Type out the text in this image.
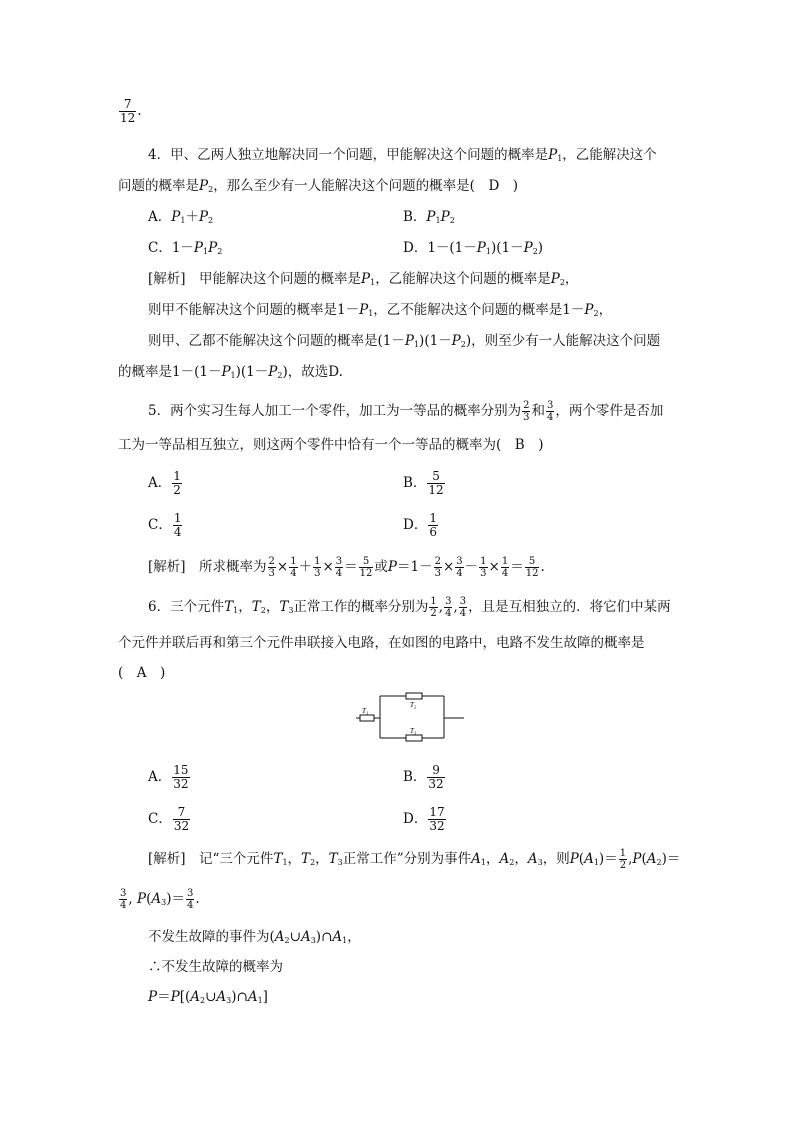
$\frac{7}{12}$ .
4．甲、乙两人独立地解决同一个问题，甲能解决这个问题的概率是$P_1$，乙能解决这个
问题的概率是$P_2$，那么至少有一人能解决这个问题的概率是(　D　)
A．$P_1+P_2$	B．$P_1P_2$
C．$1-P_1P_2$	D．$1-(1-P_1)(1-P_2)$
[解析]　甲能解决这个问题的概率是$P_1$，乙能解决这个问题的概率是$P_2$，
则甲不能解决这个问题的概率是$1-P_1$，乙不能解决这个问题的概率是$1-P_2$，
则甲、乙都不能解决这个问题的概率是$(1-P_1)(1-P_2)$，则至少有一人能解决这个问题
的概率是$1-(1-P_1)(1-P_2)$，故选D.
5．两个实习生每人加工一个零件，加工为一等品的概率分别为 $\frac{2}{3}$ 和 $\frac{3}{4}$ ，两个零件是否加
工为一等品相互独立，则这两个零件中恰有一个一等品的概率为(　B　)
A． $\frac{1}{2}$	B． $\frac{5}{12}$
C． $\frac{1}{4}$	D． $\frac{1}{6}$
[解析]　所求概率为 $\frac{2}{3} \times \frac{1}{4} + \frac{1}{3} \times \frac{3}{4} = \frac{5}{12}$ 或$P=1- \frac{2}{3} \times \frac{3}{4} - \frac{1}{3} \times \frac{1}{4} = \frac{5}{12}$ .
6．三个元件$T_1$，$T_2$，$T_3$正常工作的概率分别为 $\frac{1}{2}$ , $\frac{3}{4}$ , $\frac{3}{4}$ ，且是互相独立的．将它们中某两
个元件并联后再和第三个元件串联接入电路，在如图的电路中，电路不发生故障的概率是
(　A　)
T₁
T₂
T₃
A． $\frac{15}{32}$	B． $\frac{9}{32}$
C． $\frac{7}{32}$	D． $\frac{17}{32}$
[解析]　记“三个元件$T_1$，$T_2$，$T_3$正常工作”分别为事件$A_1$，$A_2$，$A_3$，则$P(A_1)= \frac{1}{2} ,P(A_2)=$
$\frac{3}{4}$ , $P(A_3)= \frac{3}{4}$ .
不发生故障的事件为$(A_2\cup A_3)\cap A_1$，
∴不发生故障的概率为
$P=P[(A_2\cup A_3)\cap A_1]$
